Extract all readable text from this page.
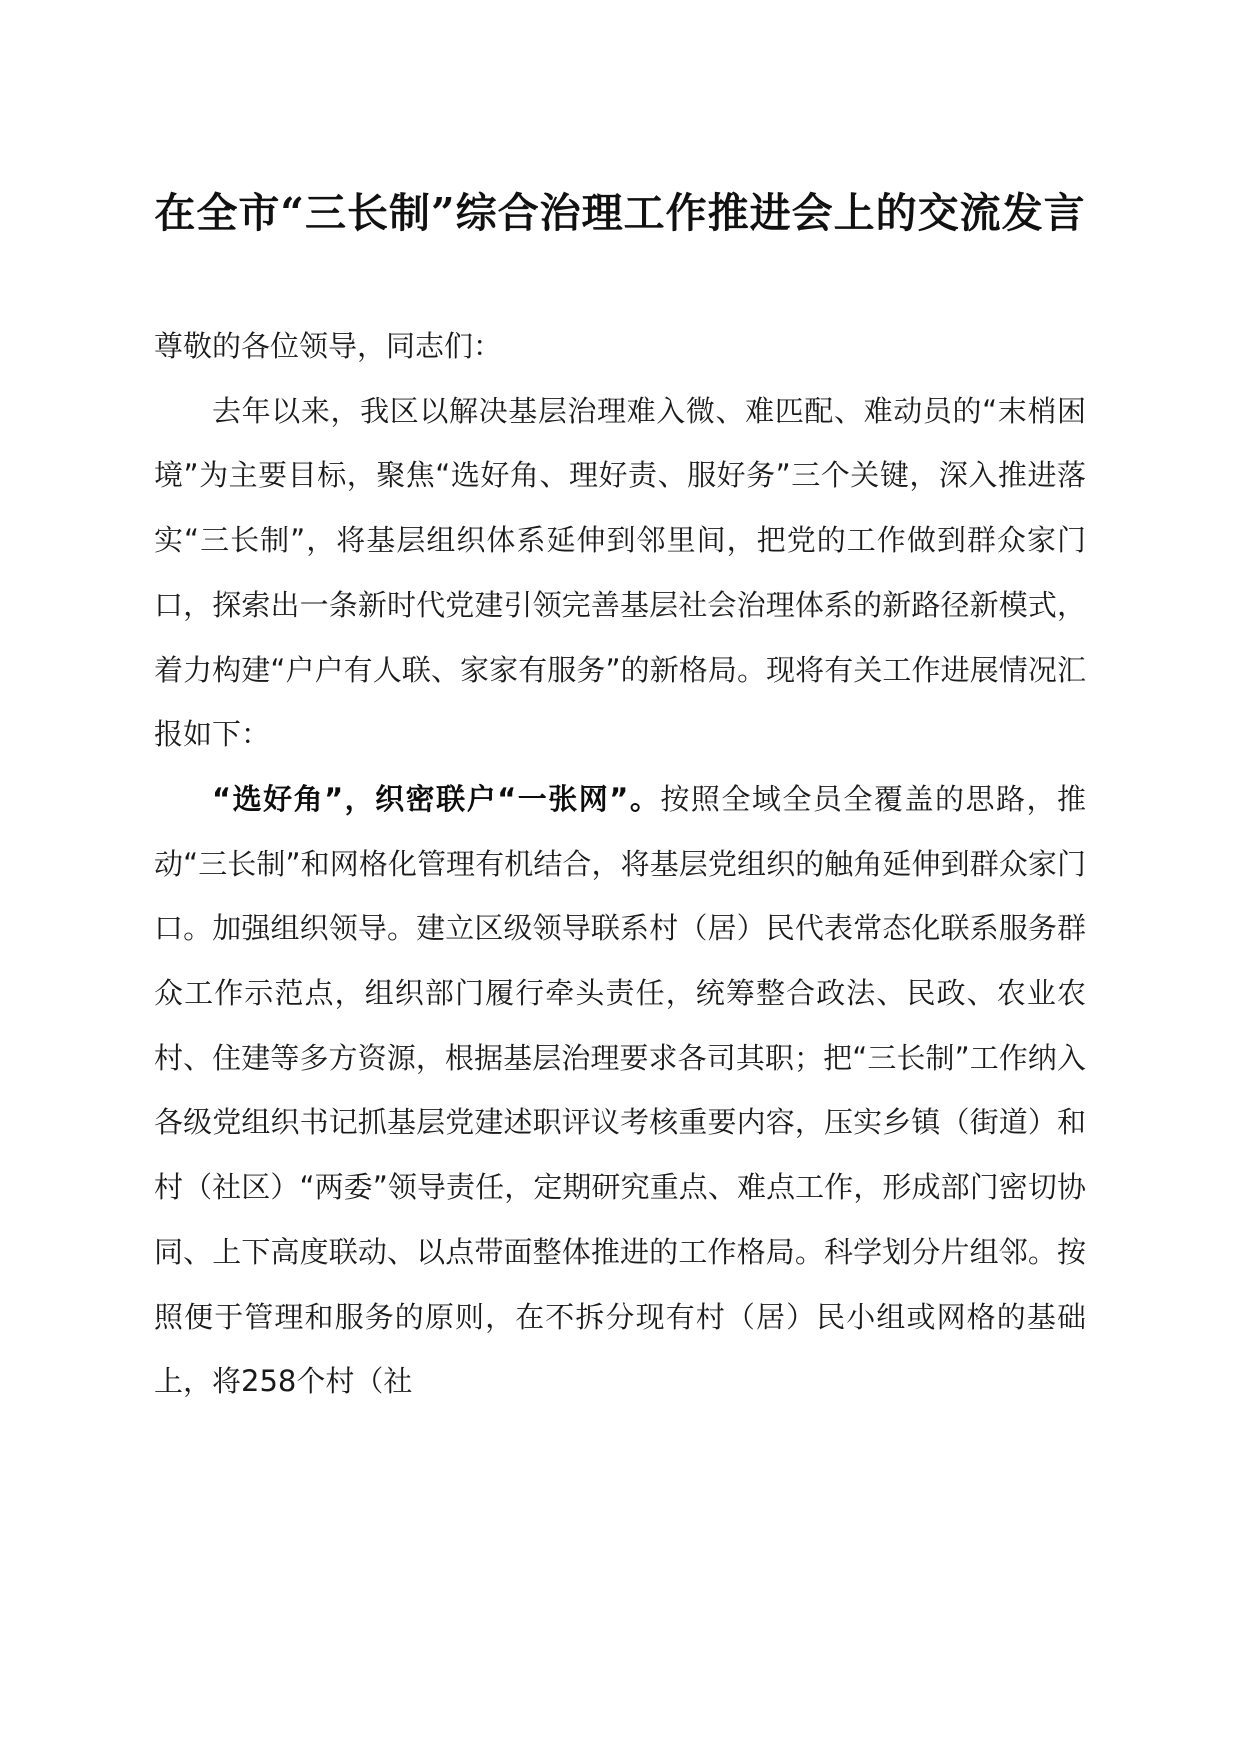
在全市“三长制”综合治理工作推进会上的交流发言

尊敬的各位领导，同志们：

去年以来，我区以解决基层治理难入微、难匹配、难动员的“末梢困境”为主要目标，聚焦“选好角、理好责、服好务”三个关键，深入推进落实“三长制”，将基层组织体系延伸到邻里间，把党的工作做到群众家门口，探索出一条新时代党建引领完善基层社会治理体系的新路径新模式，着力构建“户户有人联、家家有服务”的新格局。现将有关工作进展情况汇报如下：

“选好角”，织密联户“一张网”。按照全域全员全覆盖的思路，推动“三长制”和网格化管理有机结合，将基层党组织的触角延伸到群众家门口。加强组织领导。建立区级领导联系村（居）民代表常态化联系服务群众工作示范点，组织部门履行牵头责任，统筹整合政法、民政、农业农村、住建等多方资源，根据基层治理要求各司其职；把“三长制”工作纳入各级党组织书记抓基层党建述职评议考核重要内容，压实乡镇（街道）和村（社区）“两委”领导责任，定期研究重点、难点工作，形成部门密切协同、上下高度联动、以点带面整体推进的工作格局。科学划分片组邻。按照便于管理和服务的原则，在不拆分现有村（居）民小组或网格的基础上，将258个村（社
